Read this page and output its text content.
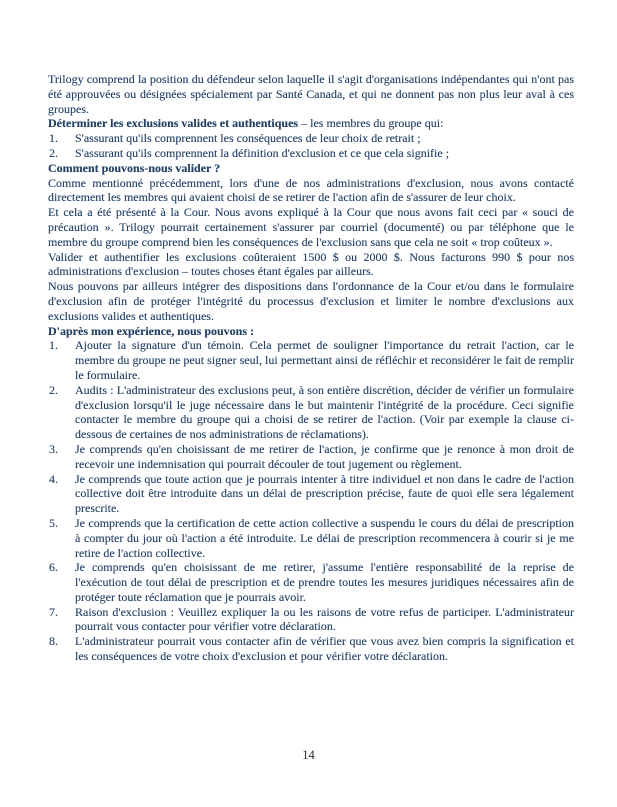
Trilogy comprend la position du défendeur selon laquelle il s'agit d'organisations indépendantes qui n'ont pas été approuvées ou désignées spécialement par Santé Canada, et qui ne donnent pas non plus leur aval à ces groupes.

Déterminer les exclusions valides et authentiques – les membres du groupe qui:

1. S'assurant qu'ils comprennent les conséquences de leur choix de retrait ;
2. S'assurant qu'ils comprennent la définition d'exclusion et ce que cela signifie ;

Comment pouvons-nous valider ?

Comme mentionné précédemment, lors d'une de nos administrations d'exclusion, nous avons contacté directement les membres qui avaient choisi de se retirer de l'action afin de s'assurer de leur choix.

Et cela a été présenté à la Cour. Nous avons expliqué à la Cour que nous avons fait ceci par « souci de précaution ». Trilogy pourrait certainement s'assurer par courriel (documenté) ou par téléphone que le membre du groupe comprend bien les conséquences de l'exclusion sans que cela ne soit « trop coûteux ».

Valider et authentifier les exclusions coûteraient 1500 $ ou 2000 $. Nous facturons 990 $ pour nos administrations d'exclusion – toutes choses étant égales par ailleurs.

Nous pouvons par ailleurs intégrer des dispositions dans l'ordonnance de la Cour et/ou dans le formulaire d'exclusion afin de protéger l'intégrité du processus d'exclusion et limiter le nombre d'exclusions aux exclusions valides et authentiques.

D'après mon expérience, nous pouvons :

1. Ajouter la signature d'un témoin. Cela permet de souligner l'importance du retrait l'action, car le membre du groupe ne peut signer seul, lui permettant ainsi de réfléchir et reconsidérer le fait de remplir le formulaire.
2. Audits : L'administrateur des exclusions peut, à son entière discrétion, décider de vérifier un formulaire d'exclusion lorsqu'il le juge nécessaire dans le but maintenir l'intégrité de la procédure. Ceci signifie contacter le membre du groupe qui a choisi de se retirer de l'action. (Voir par exemple la clause ci-dessous de certaines de nos administrations de réclamations).
3. Je comprends qu'en choisissant de me retirer de l'action, je confirme que je renonce à mon droit de recevoir une indemnisation qui pourrait découler de tout jugement ou règlement.
4. Je comprends que toute action que je pourrais intenter à titre individuel et non dans le cadre de l'action collective doit être introduite dans un délai de prescription précise, faute de quoi elle sera légalement prescrite.
5. Je comprends que la certification de cette action collective a suspendu le cours du délai de prescription à compter du jour où l'action a été introduite. Le délai de prescription recommencera à courir si je me retire de l'action collective.
6. Je comprends qu'en choisissant de me retirer, j'assume l'entière responsabilité de la reprise de l'exécution de tout délai de prescription et de prendre toutes les mesures juridiques nécessaires afin de protéger toute réclamation que je pourrais avoir.
7. Raison d'exclusion : Veuillez expliquer la ou les raisons de votre refus de participer. L'administrateur pourrait vous contacter pour vérifier votre déclaration.
8. L'administrateur pourrait vous contacter afin de vérifier que vous avez bien compris la signification et les conséquences de votre choix d'exclusion et pour vérifier votre déclaration.
14
